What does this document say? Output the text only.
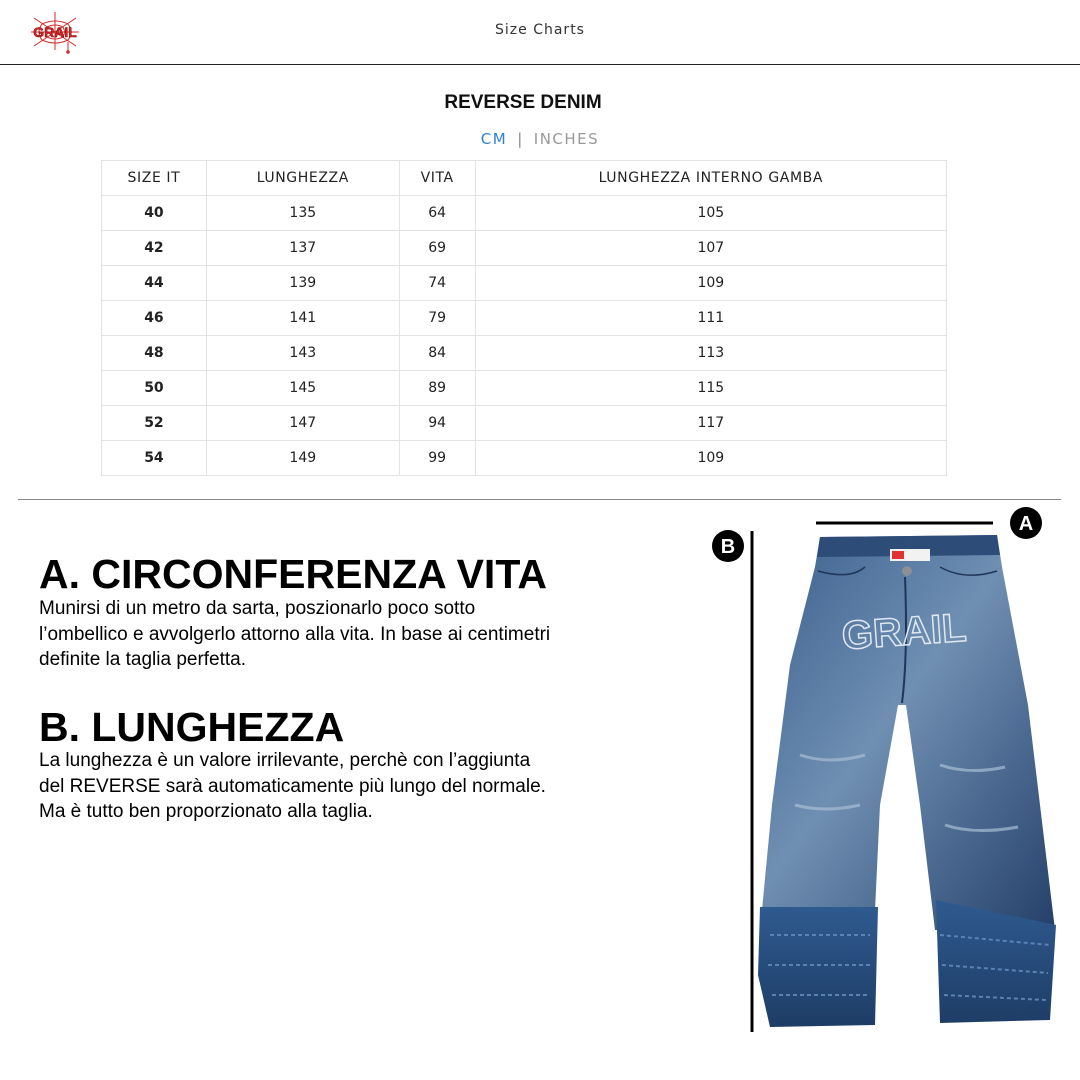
GRAIL	Size Charts
REVERSE DENIM
CM | INCHES
SIZE IT	LUNGHEZZA	VITA	LUNGHEZZA INTERNO GAMBA
40	135	64	105
42	137	69	107
44	139	74	109
46	141	79	111
48	143	84	113
50	145	89	115
52	147	94	117
54	149	99	109
A. CIRCONFERENZA VITA

Munirsi di un metro da sarta, poszionarlo poco sotto
l’ombellico e avvolgerlo attorno alla vita. In base ai centimetri
definite la taglia perfetta.

B. LUNGHEZZA

La lunghezza è un valore irrilevante, perchè con l’aggiunta
del REVERSE sarà automaticamente più lungo del normale.
Ma è tutto ben proporzionato alla taglia.

A
B
GRAIL
